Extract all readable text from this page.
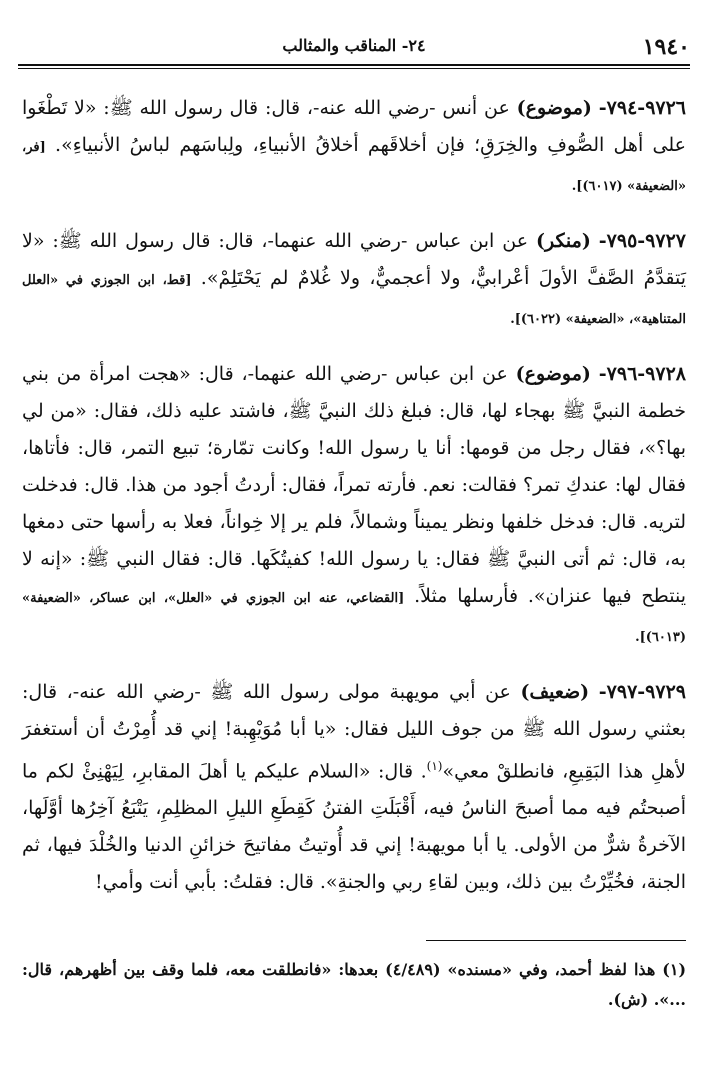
١٩٤٠
٢٤- المناقب والمثالب

٩٧٢٦-٧٩٤- (موضوع) عن أنس -رضي الله عنه-، قال: قال رسول الله ﷺ: «لا تَطْغَوا على أهل الصُّوفِ والخِرَقِ؛ فإن أخلاقَهم أخلاقُ الأنبياءِ، ولِباسَهم لباسُ الأنبياءِ». [فر، «الضعيفة» (٦٠١٧)].

٩٧٢٧-٧٩٥- (منكر) عن ابن عباس -رضي الله عنهما-، قال: قال رسول الله ﷺ: «لا يَتقدَّمُ الصَّفَّ الأولَ أعْرابيٌّ، ولا أعجميٌّ، ولا غُلامٌ لم يَحْتَلِمْ». [قط، ابن الجوزي في «العلل المتناهية»، «الضعيفة» (٦٠٢٢)].

٩٧٢٨-٧٩٦- (موضوع) عن ابن عباس -رضي الله عنهما-، قال: «هجت امرأة من بني خطمة النبيَّ ﷺ بهجاء لها، قال: فبلغ ذلك النبيَّ ﷺ، فاشتد عليه ذلك، فقال: «من لي بها؟»، فقال رجل من قومها: أنا يا رسول الله! وكانت تمّارة؛ تبيع التمر، قال: فأتاها، فقال لها: عندكِ تمر؟ فقالت: نعم. فأرته تمراً، فقال: أردتُ أجود من هذا. قال: فدخلت لتريه. قال: فدخل خلفها ونظر يميناً وشمالاً، فلم ير إلا خِواناً، فعلا به رأسها حتى دمغها به، قال: ثم أتى النبيَّ ﷺ فقال: يا رسول الله! كفيتُكَها. قال: فقال النبي ﷺ: «إنه لا ينتطح فيها عنزان». فأرسلها مثلاً. [القضاعي، عنه ابن الجوزي في «العلل»، ابن عساكر، «الضعيفة» (٦٠١٣)].

٩٧٢٩-٧٩٧- (ضعيف) عن أبي مويهبة مولى رسول الله ﷺ -رضي الله عنه-، قال: بعثني رسول الله ﷺ من جوف الليل فقال: «يا أبا مُوَيْهِبة! إني قد أُمِرْتُ أن أستغفرَ لأهلِ هذا البَقِيعِ، فانطلقْ معي»$^{(١)}$. قال: «السلام عليكم يا أهلَ المقابرِ، لِيَهْنِئْ لكم ما أصبحتُم فيه مما أصبحَ الناسُ فيه، أَقْبَلَتِ الفتنُ كَقِطَعِ الليلِ المظلِمِ، يَتْبَعُ آخِرُها أوَّلَها، الآخرةُ شرٌّ من الأولى. يا أبا مويهبة! إني قد أُوتيتُ مفاتيحَ خزائنِ الدنيا والخُلْدَ فيها، ثم الجنة، فخُيِّرْتُ بين ذلك، وبين لقاءِ ربي والجنةِ». قال: فقلتُ: بأبي أنت وأمي!

(١) هذا لفظ أحمد، وفي «مسنده» (٤/٤٨٩) بعدها: «فانطلقت معه، فلما وقف بين أظهرهم، قال: ...». (ش).
